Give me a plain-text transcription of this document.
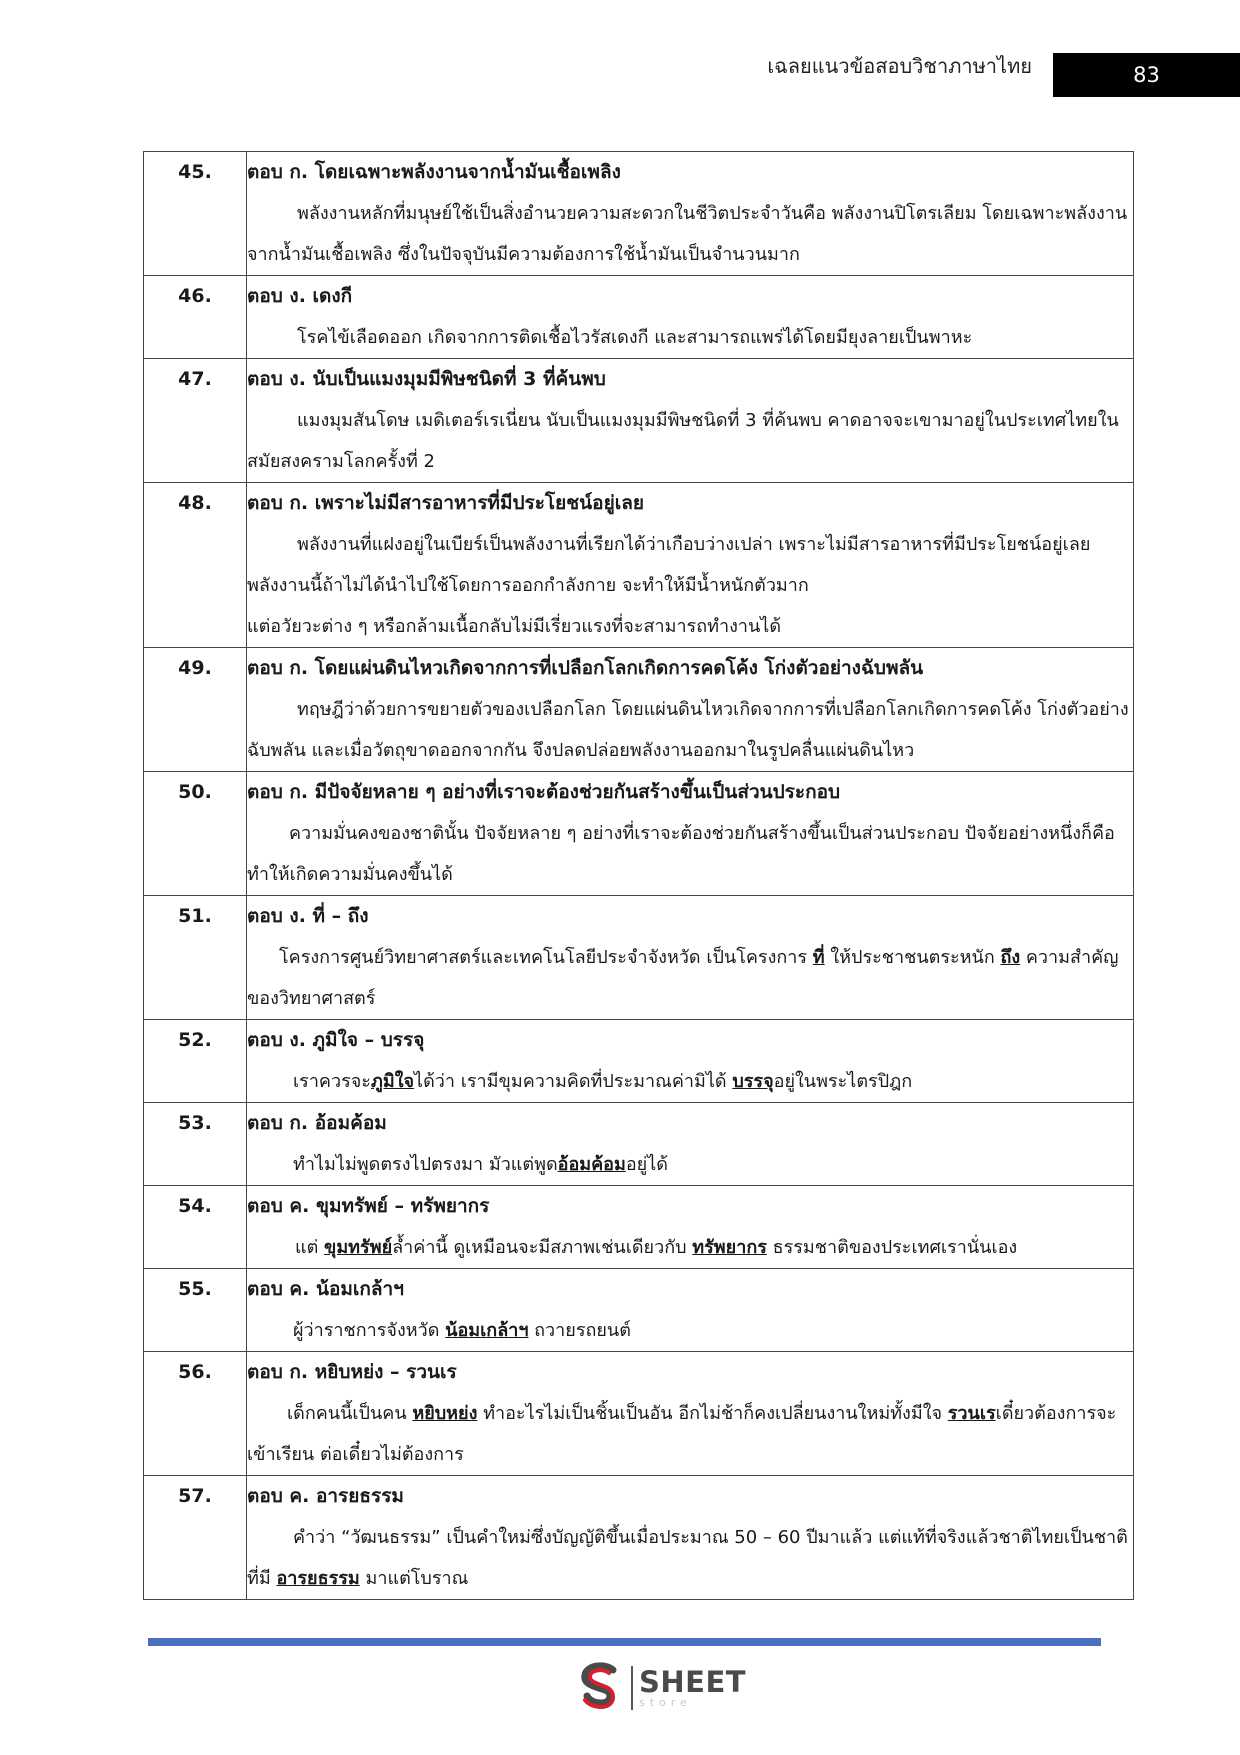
เฉลยแนวข้อสอบวิชาภาษาไทย	83
45.	ตอบ ก. โดยเฉพาะพลังงานจากน้ำมันเชื้อเพลิง
พลังงานหลักที่มนุษย์ใช้เป็นสิ่งอำนวยความสะดวกในชีวิตประจำวันคือ พลังงานปิโตรเลียม โดยเฉพาะพลังงานจากน้ำมันเชื้อเพลิง ซึ่งในปัจจุบันมีความต้องการใช้น้ำมันเป็นจำนวนมาก

46.	ตอบ ง. เดงกี
โรคไข้เลือดออก เกิดจากการติดเชื้อไวรัสเดงกี และสามารถแพร่ได้โดยมียุงลายเป็นพาหะ

47.	ตอบ ง. นับเป็นแมงมุมมีพิษชนิดที่ 3 ที่ค้นพบ
แมงมุมสันโดษ เมดิเตอร์เรเนี่ยน นับเป็นแมงมุมมีพิษชนิดที่ 3 ที่ค้นพบ คาดอาจจะเขามาอยู่ในประเทศไทยในสมัยสงครามโลกครั้งที่ 2

48.	ตอบ ก. เพราะไม่มีสารอาหารที่มีประโยชน์อยู่เลย
พลังงานที่แฝงอยู่ในเบียร์เป็นพลังงานที่เรียกได้ว่าเกือบว่างเปล่า เพราะไม่มีสารอาหารที่มีประโยชน์อยู่เลย พลังงานนี้ถ้าไม่ได้นำไปใช้โดยการออกกำลังกาย จะทำให้มีน้ำหนักตัวมาก
แต่อวัยวะต่าง ๆ หรือกล้ามเนื้อกลับไม่มีเรี่ยวแรงที่จะสามารถทำงานได้

49.	ตอบ ก. โดยแผ่นดินไหวเกิดจากการที่เปลือกโลกเกิดการคดโค้ง โก่งตัวอย่างฉับพลัน
ทฤษฎีว่าด้วยการขยายตัวของเปลือกโลก โดยแผ่นดินไหวเกิดจากการที่เปลือกโลกเกิดการคดโค้ง โก่งตัวอย่างฉับพลัน และเมื่อวัตถุขาดออกจากกัน จึงปลดปล่อยพลังงานออกมาในรูปคลื่นแผ่นดินไหว

50.	ตอบ ก. มีปัจจัยหลาย ๆ อย่างที่เราจะต้องช่วยกันสร้างขึ้นเป็นส่วนประกอบ
ความมั่นคงของชาตินั้น ปัจจัยหลาย ๆ อย่างที่เราจะต้องช่วยกันสร้างขึ้นเป็นส่วนประกอบ ปัจจัยอย่างหนึ่งก็คือ ทำให้เกิดความมั่นคงขึ้นได้

51.	ตอบ ง. ที่ – ถึง
โครงการศูนย์วิทยาศาสตร์และเทคโนโลยีประจำจังหวัด เป็นโครงการ ที่ ให้ประชาชนตระหนัก ถึง ความสำคัญของวิทยาศาสตร์

52.	ตอบ ง. ภูมิใจ – บรรจุ
เราควรจะภูมิใจได้ว่า เรามีขุมความคิดที่ประมาณค่ามิได้ บรรจุอยู่ในพระไตรปิฎก

53.	ตอบ ก. อ้อมค้อม
ทำไมไม่พูดตรงไปตรงมา มัวแต่พูดอ้อมค้อมอยู่ได้

54.	ตอบ ค. ขุมทรัพย์ – ทรัพยากร
แต่ ขุมทรัพย์ล้ำค่านี้ ดูเหมือนจะมีสภาพเช่นเดียวกับ ทรัพยากร ธรรมชาติของประเทศเรานั่นเอง

55.	ตอบ ค. น้อมเกล้าฯ
ผู้ว่าราชการจังหวัด น้อมเกล้าฯ ถวายรถยนต์

56.	ตอบ ก. หยิบหย่ง – รวนเร
เด็กคนนี้เป็นคน หยิบหย่ง ทำอะไรไม่เป็นชิ้นเป็นอัน อีกไม่ช้าก็คงเปลี่ยนงานใหม่ทั้งมีใจ รวนเรเดี๋ยวต้องการจะเข้าเรียน ต่อเดี๋ยวไม่ต้องการ

57.	ตอบ ค. อารยธรรม
คำว่า “วัฒนธรรม” เป็นคำใหม่ซึ่งบัญญัติขึ้นเมื่อประมาณ 50 – 60 ปีมาแล้ว แต่แท้ที่จริงแล้วชาติไทยเป็นชาติที่มี อารยธรรม มาแต่โบราณ
SHEET
store
